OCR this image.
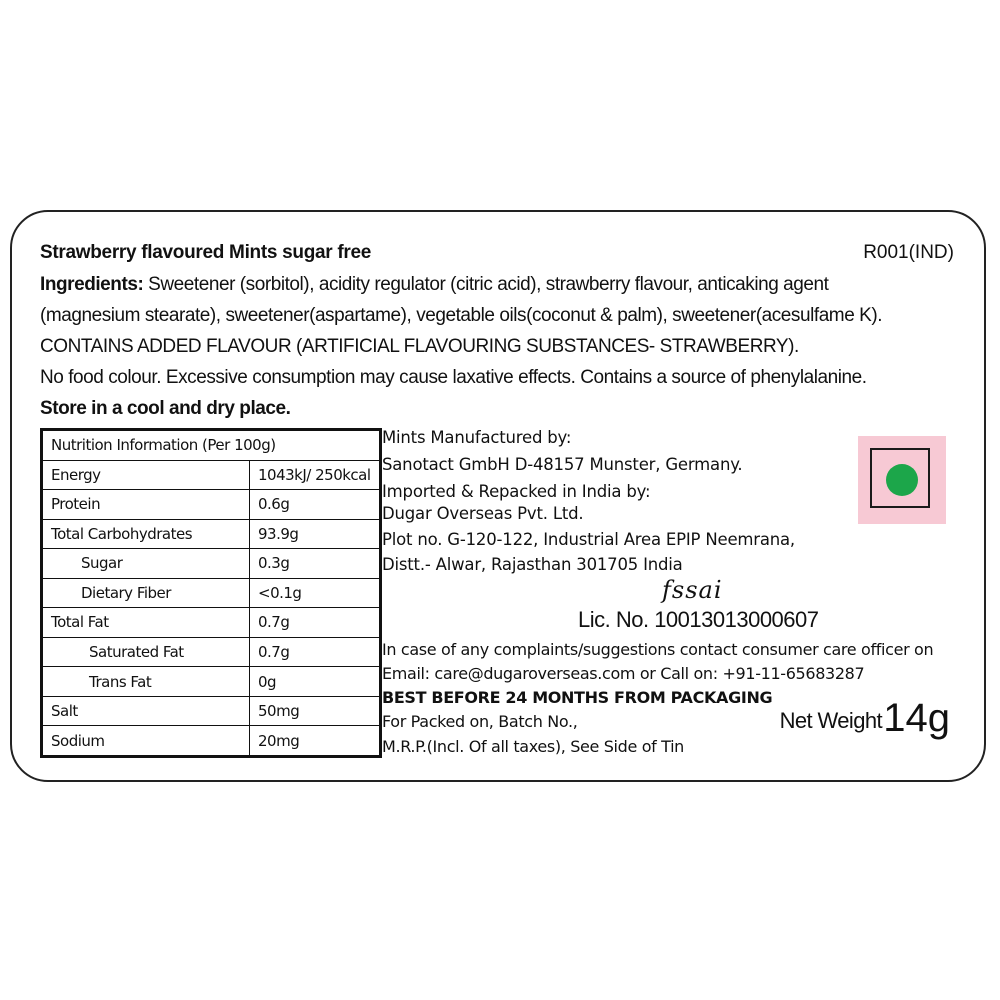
Strawberry flavoured Mints sugar free	R001(IND)
Ingredients: Sweetener (sorbitol), acidity regulator (citric acid), strawberry flavour, anticaking agent
(magnesium stearate), sweetener(aspartame), vegetable oils(coconut & palm), sweetener(acesulfame K).
CONTAINS ADDED FLAVOUR (ARTIFICIAL FLAVOURING SUBSTANCES- STRAWBERRY).
No food colour. Excessive consumption may cause laxative effects. Contains a source of phenylalanine.
Store in a cool and dry place.
Nutrition Information (Per 100g)	
Energy	1043kJ/ 250kcal
Protein	0.6g
Total Carbohydrates	93.9g
Sugar	0.3g
Dietary Fiber	<0.1g
Total Fat	0.7g
Saturated Fat	0.7g
Trans Fat	0g
Salt	50mg
Sodium	20mg
Mints Manufactured by:
Sanotact GmbH D-48157 Munster, Germany.
Imported & Repacked in India by:
Dugar Overseas Pvt. Ltd.
Plot no. G-120-122, Industrial Area EPIP Neemrana,
Distt.- Alwar, Rajasthan 301705 India
fssai
Lic. No. 10013013000607
In case of any complaints/suggestions contact consumer care officer on
Email: care@dugaroverseas.com or Call on: +91-11-65683287
BEST BEFORE 24 MONTHS FROM PACKAGING
For Packed on, Batch No.,
M.R.P.(Incl. Of all taxes), See Side of Tin
Net Weight 14g
